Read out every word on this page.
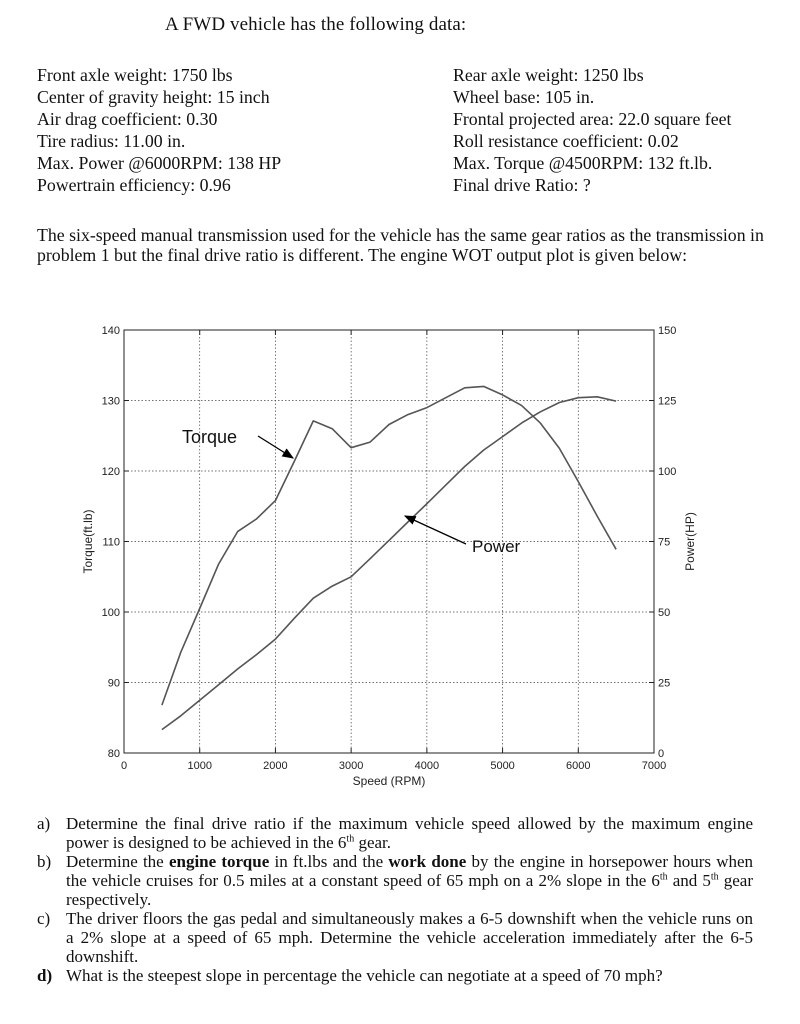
A FWD vehicle has the following data:
Front axle weight: 1750 lbs
Center of gravity height: 15 inch
Air drag coefficient: 0.30
Tire radius: 11.00 in.
Max. Power @6000RPM: 138 HP
Powertrain efficiency: 0.96
Rear axle weight: 1250 lbs
Wheel base: 105 in.
Frontal projected area: 22.0 square feet
Roll resistance coefficient: 0.02
Max. Torque @4500RPM: 132 ft.lb.
Final drive Ratio: ?
The six-speed manual transmission used for the vehicle has the same gear ratios as the transmission in problem 1 but the final drive ratio is different. The engine WOT output plot is given below:
0	1000	2000	3000	4000	5000	6000	7000
80
90
100
110
120
130
140
0
25
50
75
100
125
150
Speed (RPM)
Torque(ft.lb)	Power(HP)
Torque
Power
a) Determine the final drive ratio if the maximum vehicle speed allowed by the maximum engine power is designed to be achieved in the 6th gear.
b) Determine the engine torque in ft.lbs and the work done by the engine in horsepower hours when the vehicle cruises for 0.5 miles at a constant speed of 65 mph on a 2% slope in the 6th and 5th gear respectively.
c) The driver floors the gas pedal and simultaneously makes a 6-5 downshift when the vehicle runs on a 2% slope at a speed of 65 mph. Determine the vehicle acceleration immediately after the 6-5 downshift.
d) What is the steepest slope in percentage the vehicle can negotiate at a speed of 70 mph?
